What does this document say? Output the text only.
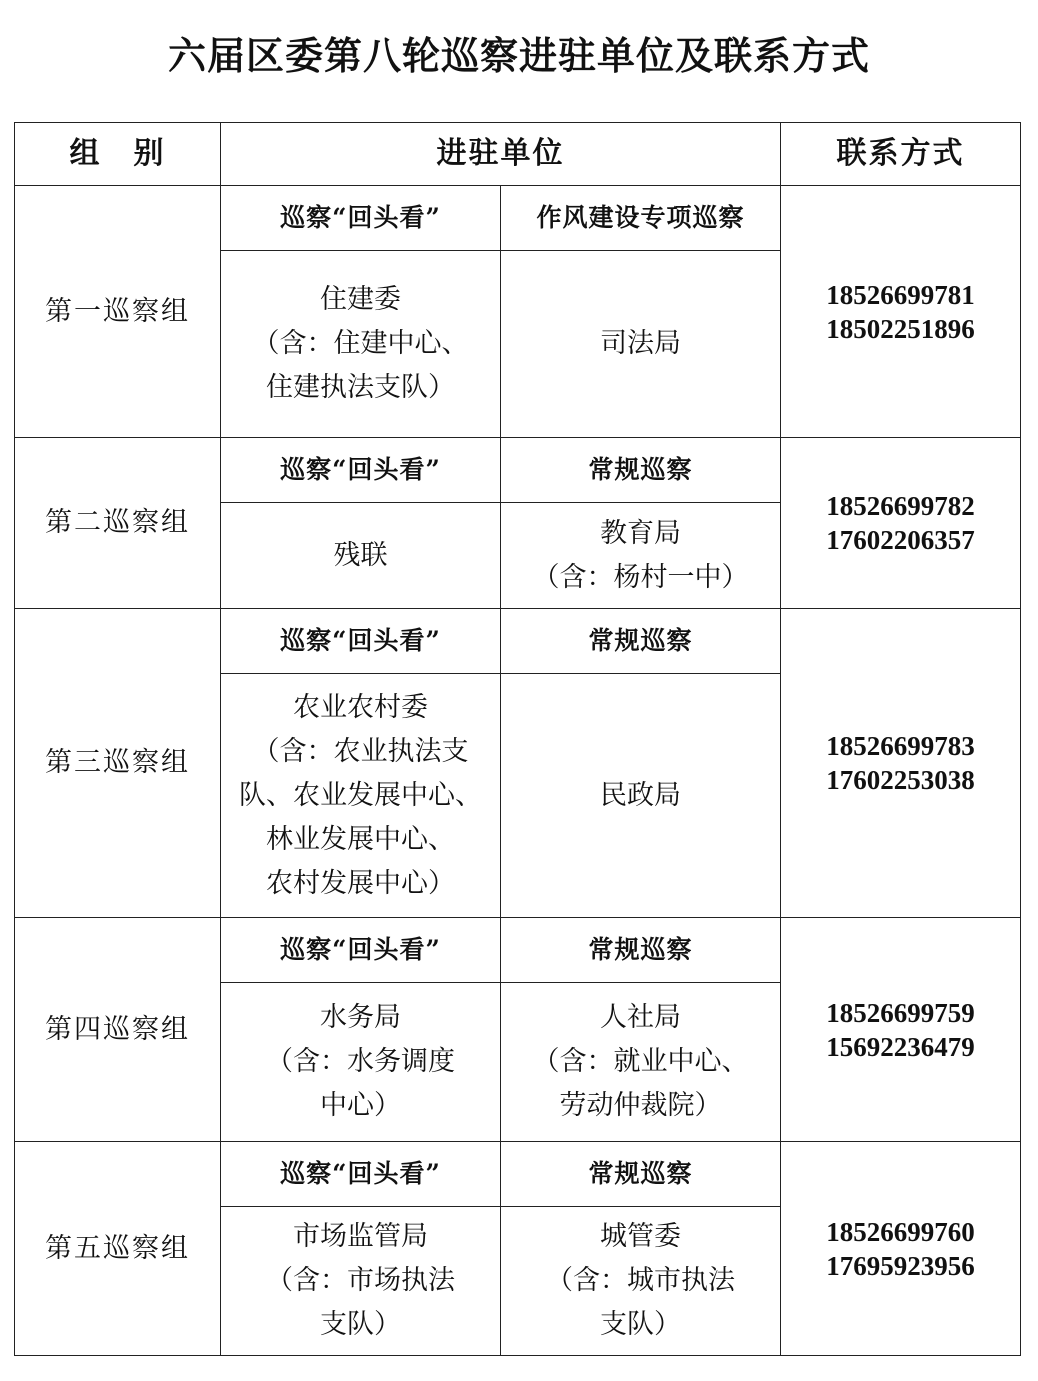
六届区委第八轮巡察进驻单位及联系方式
组　别	进驻单位		联系方式
第一巡察组	巡察“回头看”	作风建设专项巡察	18526699781
18502251896

	住建委
（含：住建中心、
住建执法支队）	司法局	

第二巡察组	巡察“回头看”	常规巡察	18526699782
17602206357

	残联	教育局
（含：杨村一中）	

第三巡察组	巡察“回头看”	常规巡察	18526699783
17602253038

	农业农村委
（含：农业执法支
队、农业发展中心、
林业发展中心、
农村发展中心）	民政局	

第四巡察组	巡察“回头看”	常规巡察	18526699759
15692236479

	水务局
（含：水务调度
中心）	人社局
（含：就业中心、
劳动仲裁院）	

第五巡察组	巡察“回头看”	常规巡察	18526699760
17695923956

	市场监管局
（含：市场执法
支队）	城管委
（含：城市执法
支队）	
